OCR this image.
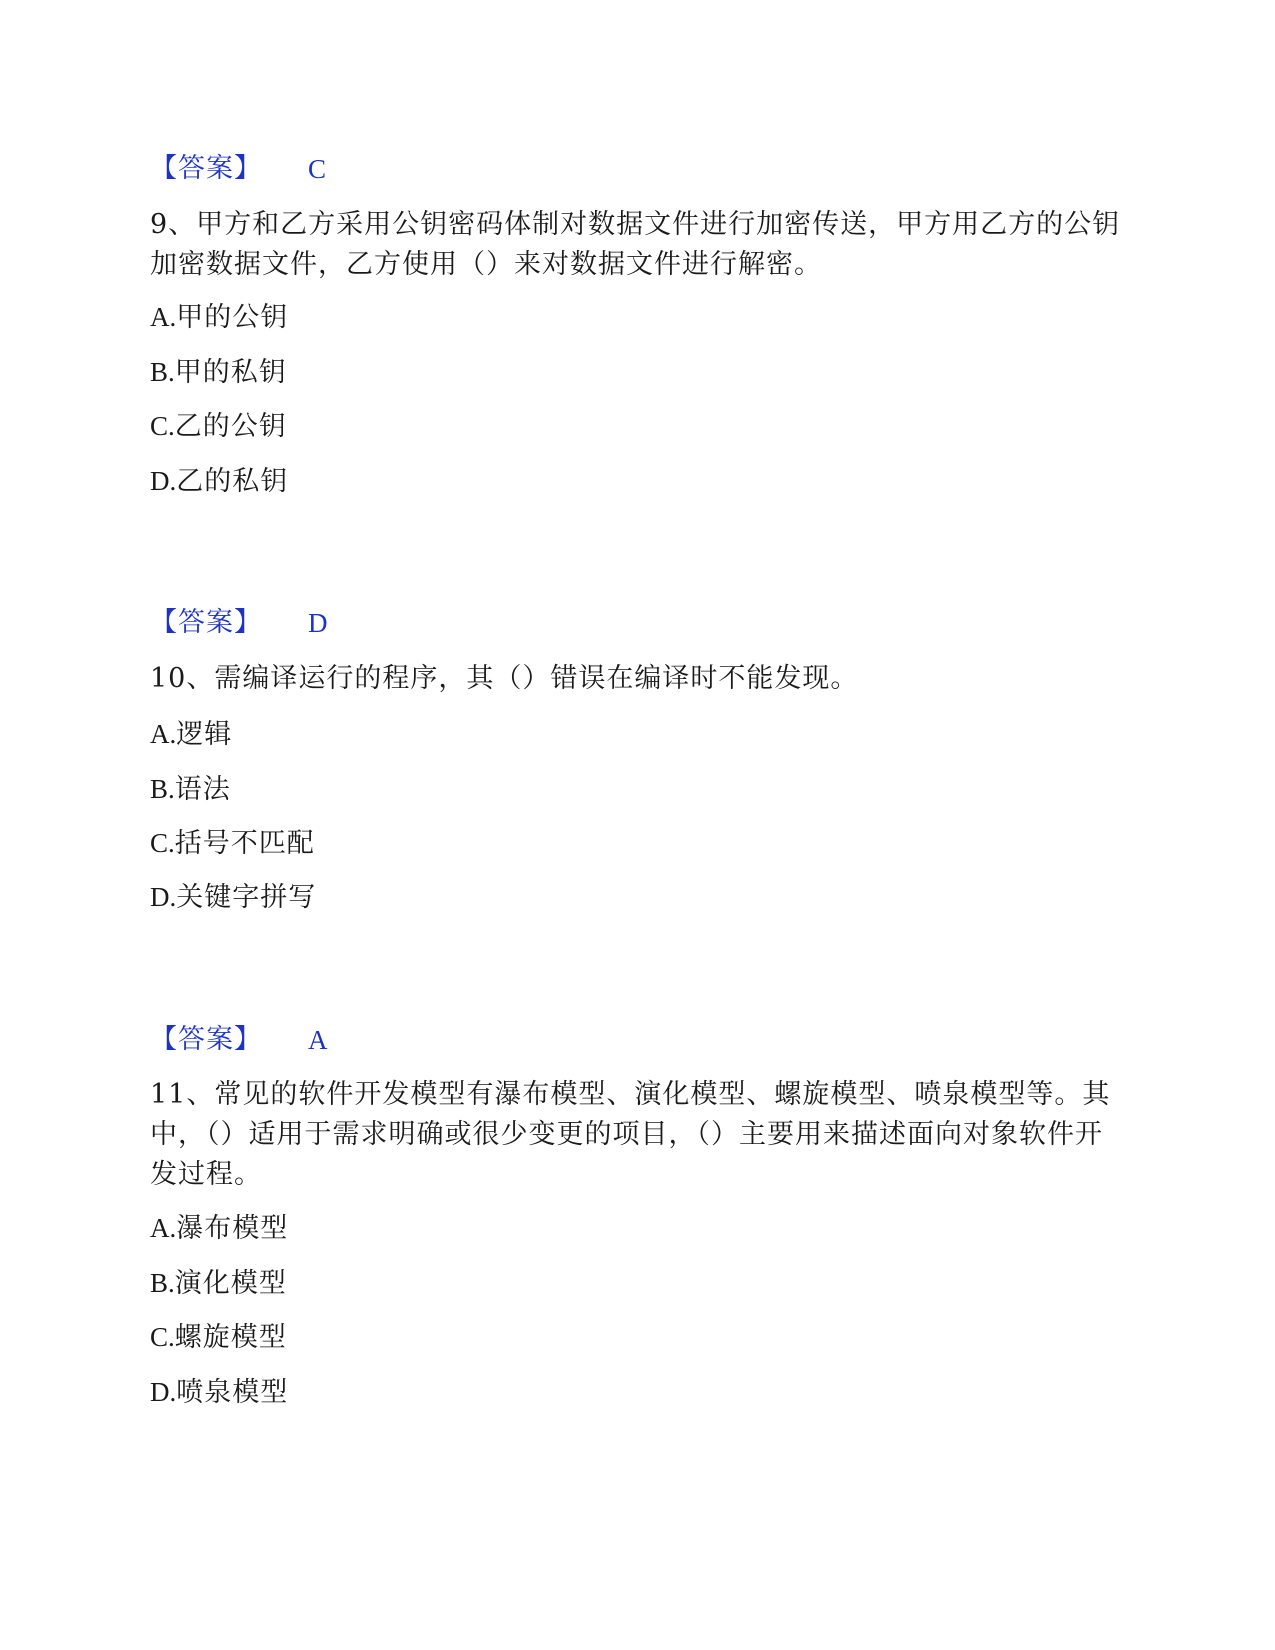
【答案】 C
9、甲方和乙方采用公钥密码体制对数据文件进行加密传送，甲方用乙方的公钥加密数据文件，乙方使用（）来对数据文件进行解密。
A.甲的公钥
B.甲的私钥
C.乙的公钥
D.乙的私钥
【答案】 D
10、需编译运行的程序，其（）错误在编译时不能发现。
A.逻辑
B.语法
C.括号不匹配
D.关键字拼写
【答案】 A
11、常见的软件开发模型有瀑布模型、演化模型、螺旋模型、喷泉模型等。其中，（）适用于需求明确或很少变更的项目，（）主要用来描述面向对象软件开发过程。
A.瀑布模型
B.演化模型
C.螺旋模型
D.喷泉模型
